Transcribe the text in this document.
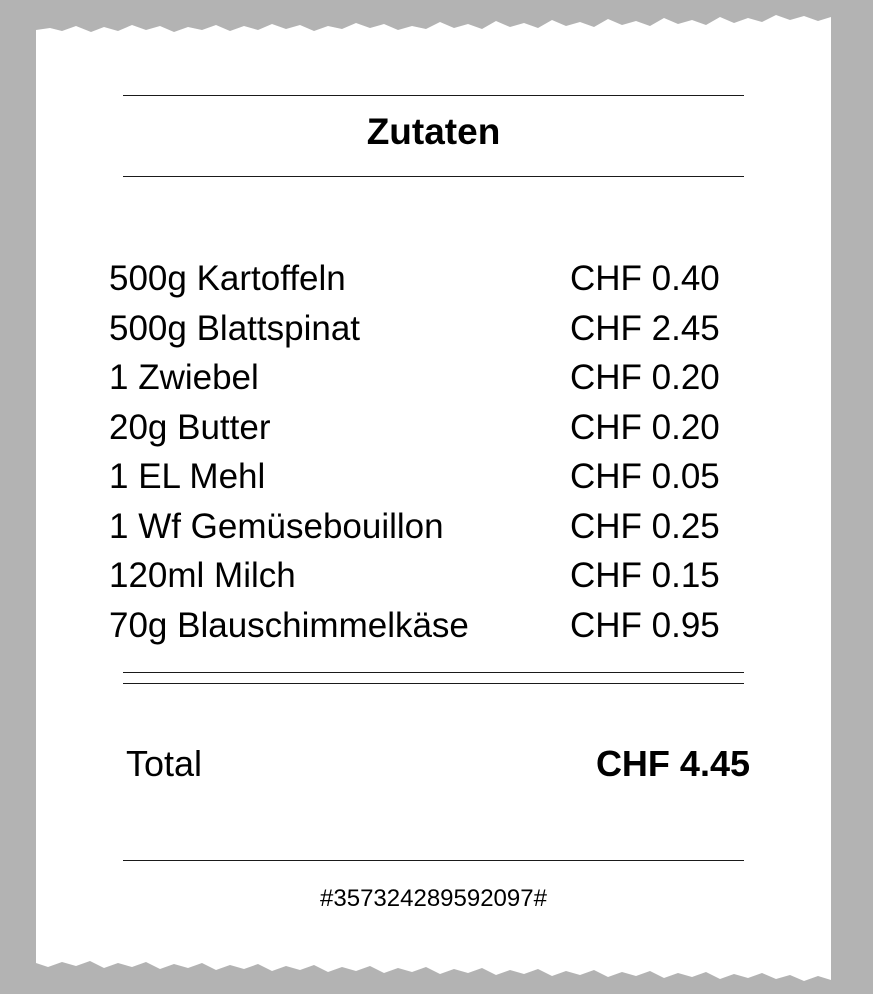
Zutaten
500g Kartoffeln	CHF 0.40
500g Blattspinat	CHF 2.45
1 Zwiebel	CHF 0.20
20g Butter	CHF 0.20
1 EL Mehl	CHF 0.05
1 Wf Gemüsebouillon	CHF 0.25
120ml Milch	CHF 0.15
70g Blauschimmelkäse	CHF 0.95
Total	CHF 4.45
#357324289592097#
